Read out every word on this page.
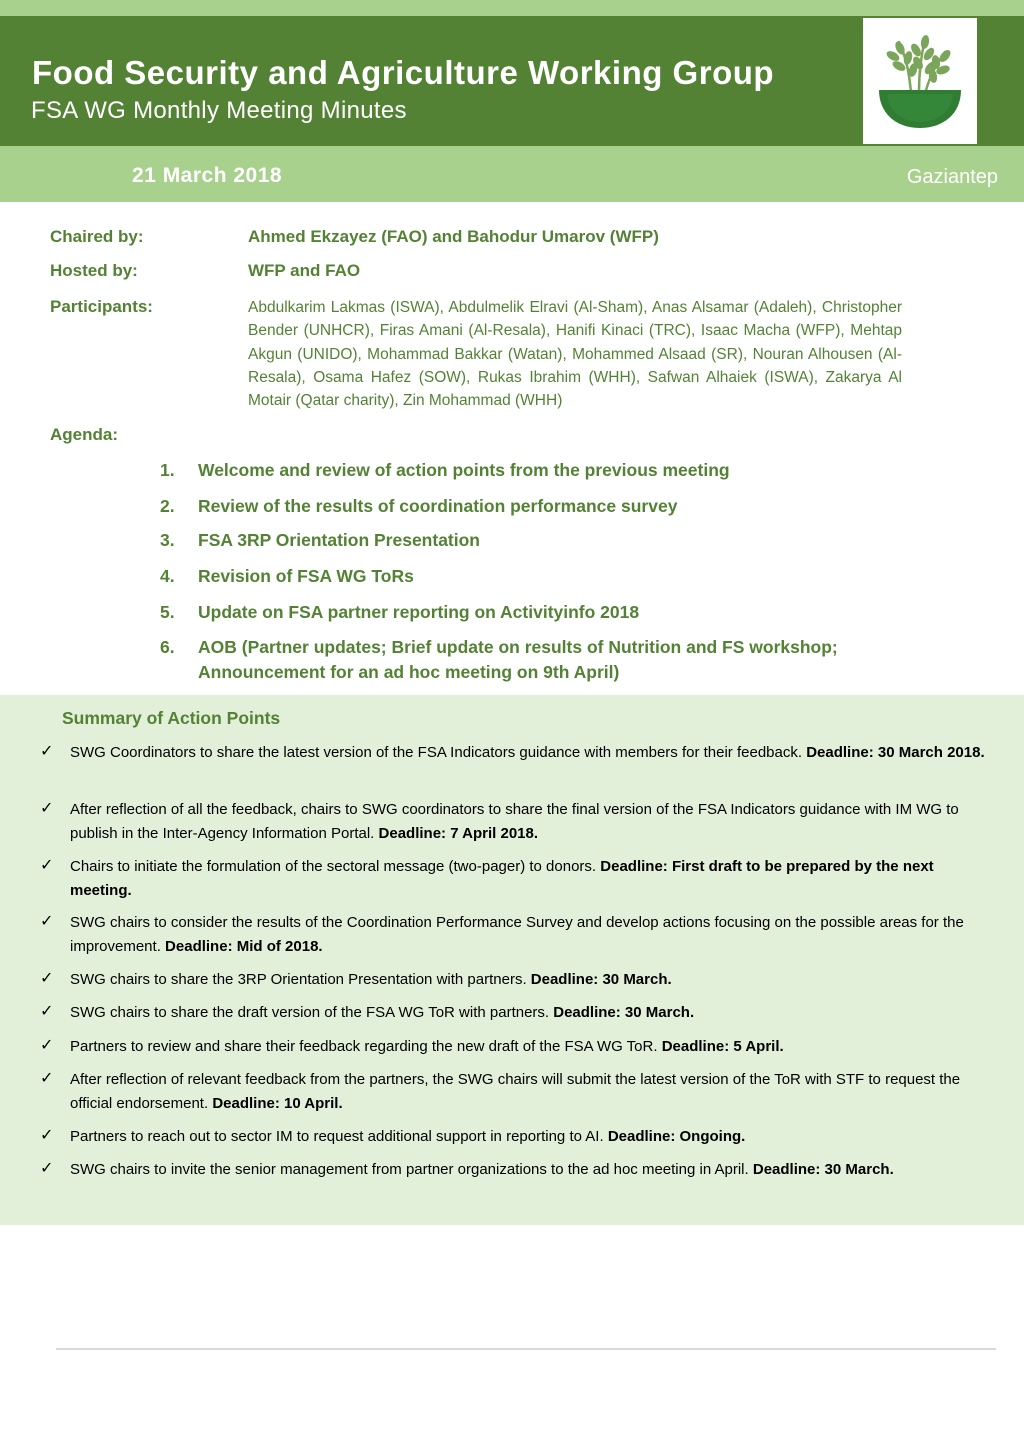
Food Security and Agriculture Working Group
FSA WG Monthly Meeting Minutes
21 March 2018	Gaziantep
Chaired by:	Ahmed Ekzayez (FAO) and Bahodur Umarov (WFP)
Hosted by:	WFP and FAO
Participants:	Abdulkarim Lakmas (ISWA), Abdulmelik Elravi (Al-Sham), Anas Alsamar (Adaleh), Christopher Bender (UNHCR), Firas Amani (Al-Resala), Hanifi Kinaci (TRC), Isaac Macha (WFP), Mehtap Akgun (UNIDO), Mohammad Bakkar (Watan), Mohammed Alsaad (SR), Nouran Alhousen (Al-Resala), Osama Hafez (SOW), Rukas Ibrahim (WHH), Safwan Alhaiek (ISWA), Zakarya Al Motair (Qatar charity), Zin Mohammad (WHH)
Agenda:
1.	Welcome and review of action points from the previous meeting
2.	Review of the results of coordination performance survey
3.	FSA 3RP Orientation Presentation
4.	Revision of FSA WG ToRs
5.	Update on FSA partner reporting on Activityinfo 2018
6.	AOB (Partner updates; Brief update on results of Nutrition and FS workshop; Announcement for an ad hoc meeting on 9th April)
Summary of Action Points
✓ SWG Coordinators to share the latest version of the FSA Indicators guidance with members for their feedback. Deadline: 30 March 2018.
✓ After reflection of all the feedback, chairs to SWG coordinators to share the final version of the FSA Indicators guidance with IM WG to publish in the Inter-Agency Information Portal. Deadline: 7 April 2018.
✓ Chairs to initiate the formulation of the sectoral message (two-pager) to donors. Deadline: First draft to be prepared by the next meeting.
✓ SWG chairs to consider the results of the Coordination Performance Survey and develop actions focusing on the possible areas for the improvement. Deadline: Mid of 2018.
✓ SWG chairs to share the 3RP Orientation Presentation with partners. Deadline: 30 March.
✓ SWG chairs to share the draft version of the FSA WG ToR with partners. Deadline: 30 March.
✓ Partners to review and share their feedback regarding the new draft of the FSA WG ToR. Deadline: 5 April.
✓ After reflection of relevant feedback from the partners, the SWG chairs will submit the latest version of the ToR with STF to request the official endorsement. Deadline: 10 April.
✓ Partners to reach out to sector IM to request additional support in reporting to AI. Deadline: Ongoing.
✓ SWG chairs to invite the senior management from partner organizations to the ad hoc meeting in April. Deadline: 30 March.
